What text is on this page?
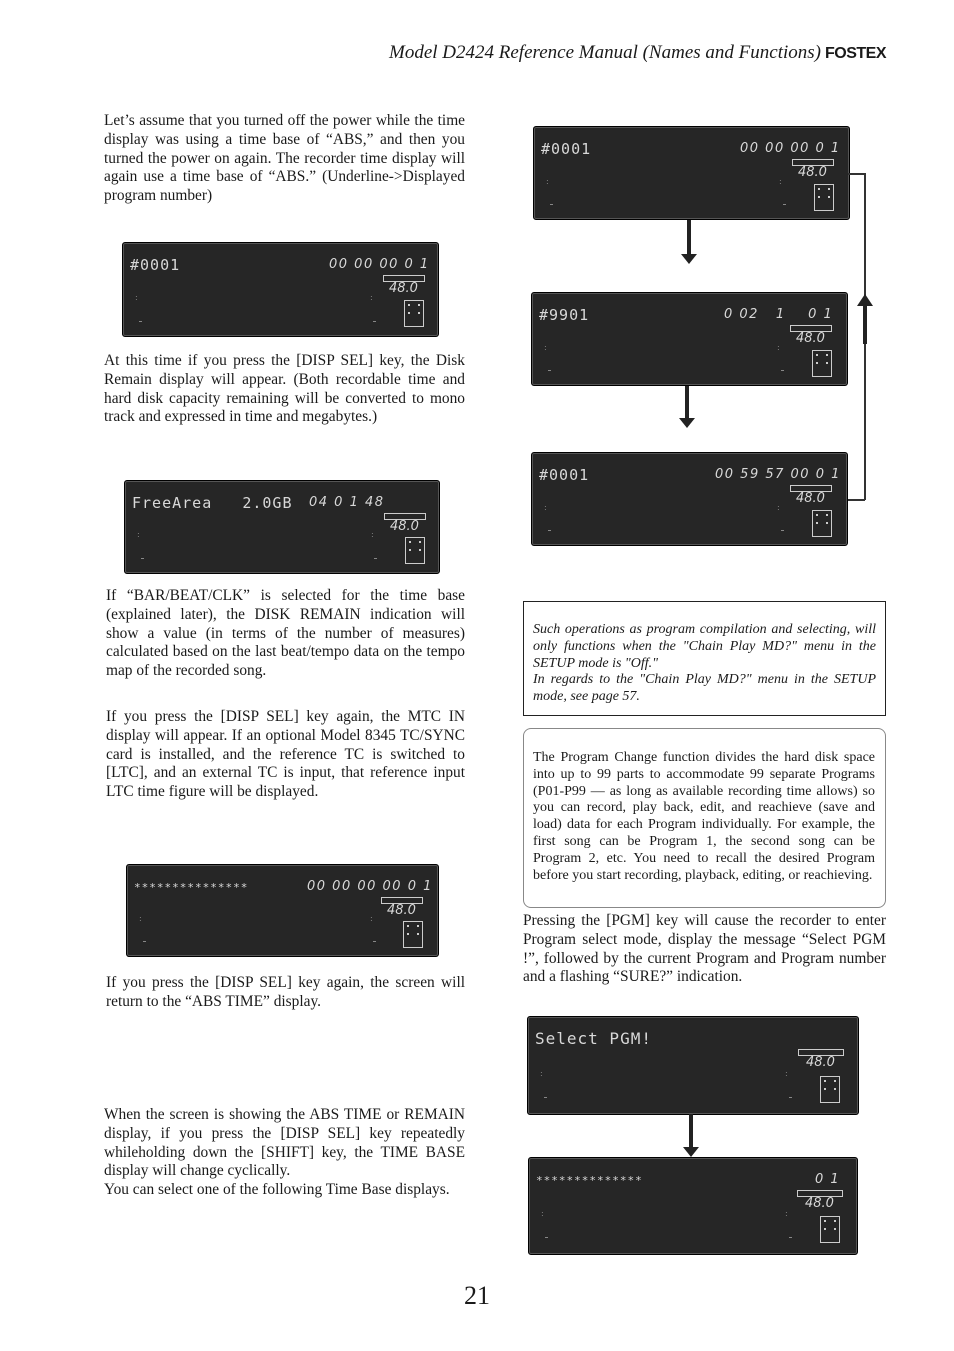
Model D2424 Reference Manual (Names and Functions) FOSTEX

Let’s assume that you turned off the power while the time display was using a time base of “ABS,” and then you turned the power on again. The recorder time display will again use a time base of “ABS.” (Underline->Displayed program number)

#0001	00 00 00 0 1
48.0
:	:

At this time if you press the [DISP SEL] key, the Disk Remain display will appear. (Both recordable time and hard disk capacity remaining will be converted to mono track and expressed in time and megabytes.)

FreeArea   2.0GB 04 0 1 48
48.0
:	:

If “BAR/BEAT/CLK” is selected for the time base (explained later), the DISK REMAIN indication will show a value (in terms of the number of measures) calculated based on the last beat/tempo data on the tempo map of the recorded song.

If you press the [DISP SEL] key again, the MTC IN display will appear. If an optional Model 8345 TC/SYNC card is installed, and the reference TC is switched to [LTC], and an external TC is input, that reference input LTC time figure will be displayed.

***************	00 00 00 00 0 1
48.0
:	:

If you press the [DISP SEL] key again, the screen will return to the “ABS TIME” display.

When the screen is showing the ABS TIME or REMAIN display, if you press the [DISP SEL] key repeatedly whileholding down the [SHIFT] key, the TIME BASE display will change cyclically.
You can select one of the following Time Base displays.

#0001	00 00 00 0 1
48.0
:	:
#9901	0 02   1    0 1
48.0
:	:
#0001	00 59 57 00 0 1
48.0
:	:
Such operations as program compilation and selecting, will only functions when the "Chain Play MD?" menu in the SETUP mode is "Off."
In regards to the "Chain Play MD?" menu in the SETUP mode, see page 57.
The Program Change function divides the hard disk space into up to 99 parts to accommodate 99 separate Programs (P01-P99 — as long as available recording time allows) so you can record, play back, edit, and reachieve (save and load) data for each Program individually. For example, the first song can be Program 1, the second song can be Program 2, etc. You need to recall the desired Program before you start recording, playback, editing, or reachieving.

Pressing the [PGM] key will cause the recorder to enter Program select mode, display the message “Select PGM !”, followed by the current Program and Program number and a flashing “SURE?” indication.

Select PGM!
48.0
:	:
**************	0 1
48.0
:	:
21
